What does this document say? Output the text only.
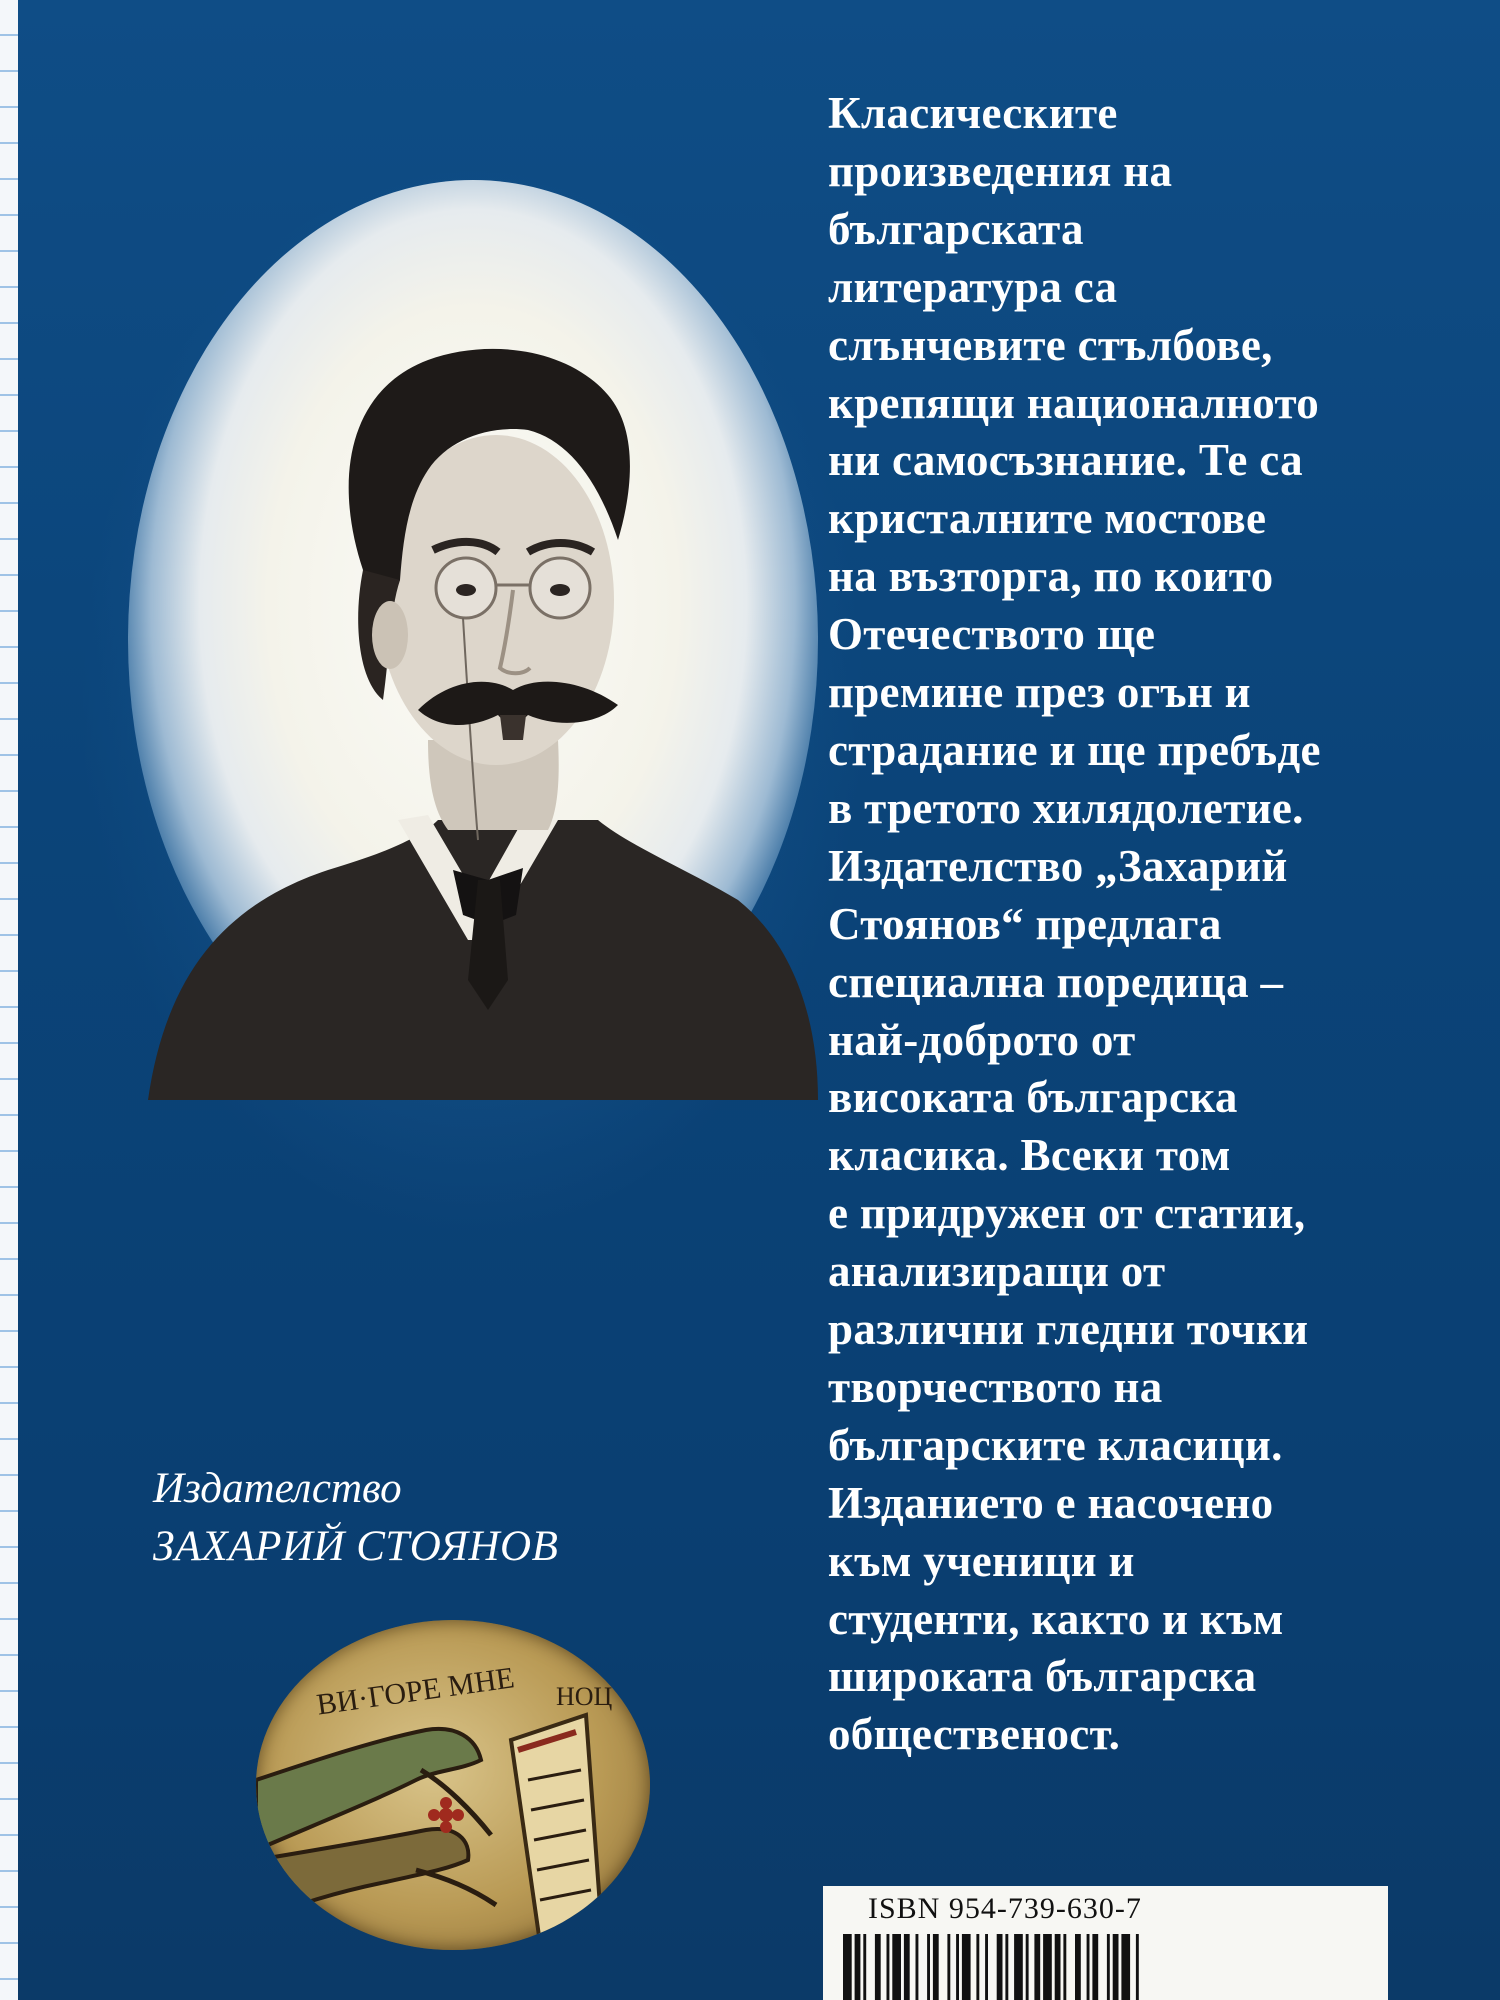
Класическите
произведения на
българската
литература са
слънчевите стълбове,
крепящи националното
ни самосъзнание. Те са
кристалните мостове
на възторга, по които
Отечеството ще
премине през огън и
страдание и ще пребъде
в третото хилядолетие.
Издателство „Захарий
Стоянов“ предлага
специална поредица –
най-доброто от
високата българска
класика. Всеки том
е придружен от статии,
анализиращи от
различни гледни точки
творчеството на
българските класици.
Изданието е насочено
към ученици и
студенти, както и към
широката българска
общественост.
Издателство
ЗАХАРИЙ СТОЯНОВ
ВИ·ГОРЕ МНЕ НОЦ
ISBN 954-739-630-7
